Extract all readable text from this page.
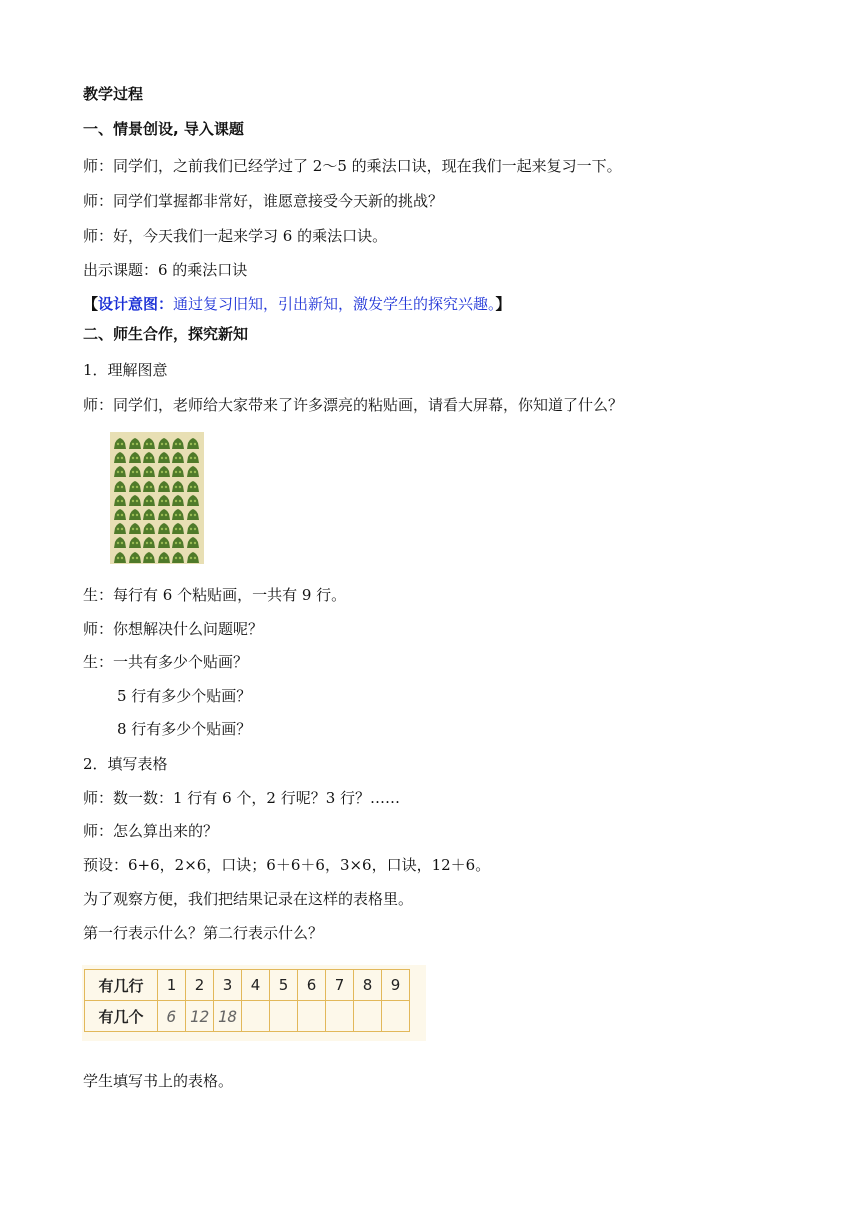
教学过程
一、情景创设, 导入课题
师：同学们，之前我们已经学过了 2～5 的乘法口诀，现在我们一起来复习一下。
师：同学们掌握都非常好，谁愿意接受今天新的挑战？
师：好，今天我们一起来学习 6 的乘法口诀。
出示课题：6 的乘法口诀
【设计意图：通过复习旧知，引出新知，激发学生的探究兴趣。】
二、师生合作，探究新知
1．理解图意
师：同学们，老师给大家带来了许多漂亮的粘贴画，请看大屏幕，你知道了什么？
生：每行有 6 个粘贴画，一共有 9 行。
师：你想解决什么问题呢？
生：一共有多少个贴画？
5 行有多少个贴画？
8 行有多少个贴画？
2．填写表格
师：数一数：1 行有 6 个，2 行呢？3 行？……
师：怎么算出来的？
预设：6+6，2×6，口诀；6＋6＋6，3×6，口诀，12＋6。
为了观察方便，我们把结果记录在这样的表格里。
第一行表示什么？第二行表示什么？
有几行	1	2	3	4	5	6	7	8	9
有几个	6	12	18						
学生填写书上的表格。
